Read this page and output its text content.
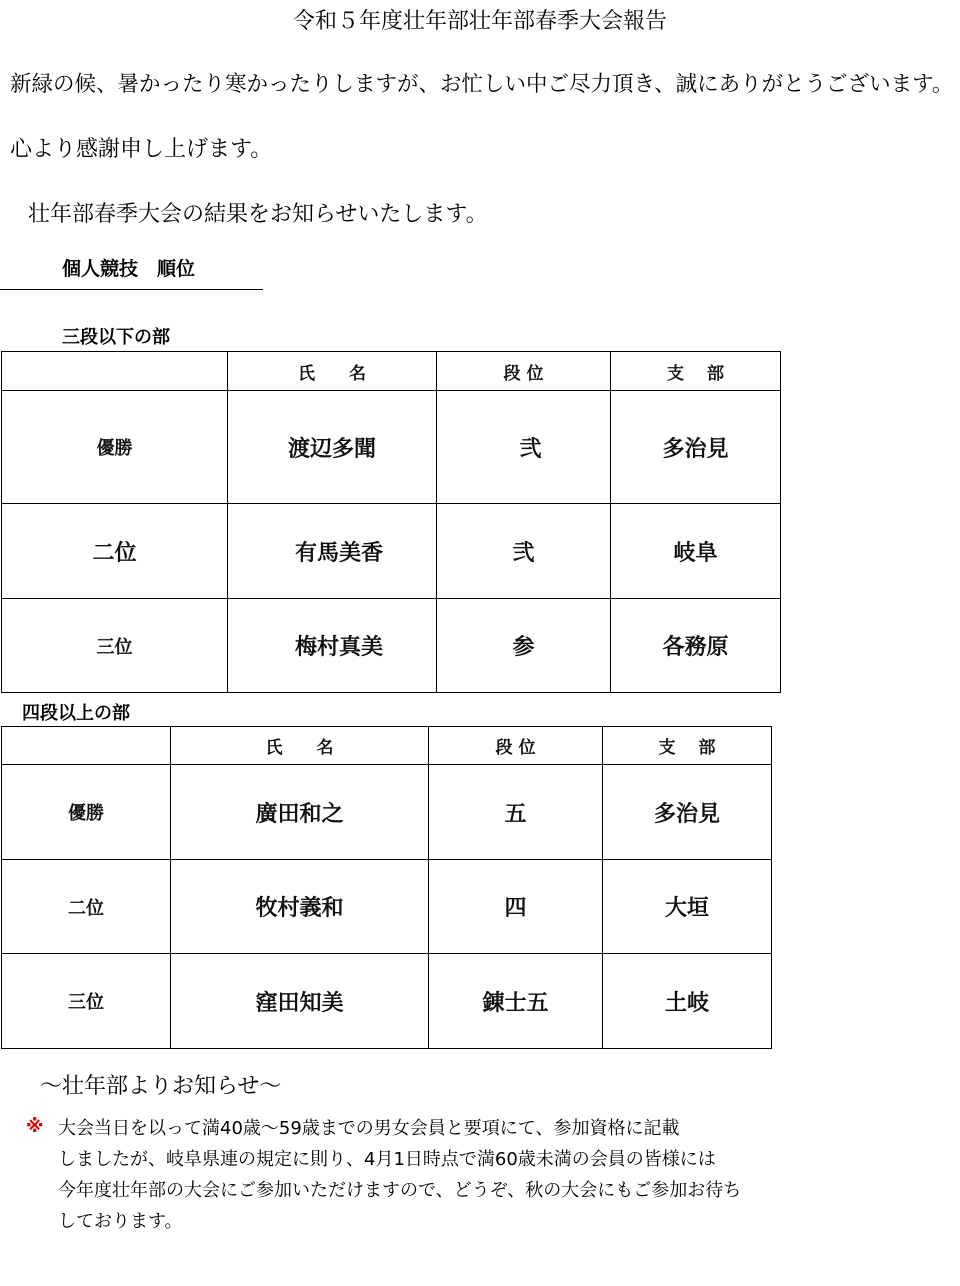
令和５年度壮年部壮年部春季大会報告
新緑の候、暑かったり寒かったりしますが、お忙しい中ご尽力頂き、誠にありがとうございます。
心より感謝申し上げます。
壮年部春季大会の結果をお知らせいたします。
個人競技　順位
三段以下の部
	氏　　名	段 位	支　 部
優勝	渡辺多聞	弐	多治見
二位	有馬美香	弐	岐阜
三位	梅村真美	参	各務原
四段以上の部
	氏　　名	段 位	支　 部
優勝	廣田和之	五	多治見
二位	牧村義和	四	大垣
三位	窪田知美	錬士五	土岐
～壮年部よりお知らせ～
※ 大会当日を以って満40歳～59歳までの男女会員と要項にて、参加資格に記載
しましたが、岐阜県連の規定に則り、4月1日時点で満60歳未満の会員の皆様には
今年度壮年部の大会にご参加いただけますので、どうぞ、秋の大会にもご参加お待ち
しております。
